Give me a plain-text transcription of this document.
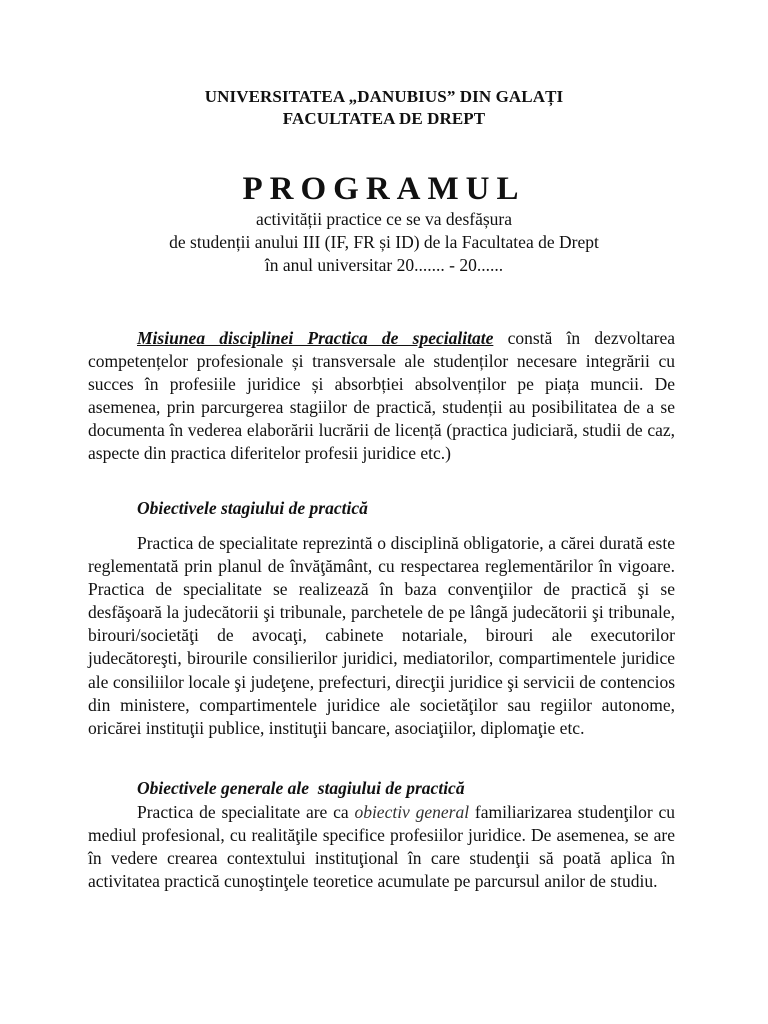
UNIVERSITATEA „DANUBIUS” DIN GALAȚI
FACULTATEA DE DREPT
PROGRAMUL
activității practice ce se va desfășura
de studenții anului III (IF, FR și ID) de la Facultatea de Drept
în anul universitar 20....... - 20......
Misiunea disciplinei Practica de specialitate constă în dezvoltarea competențelor profesionale și transversale ale studenților necesare integrării cu succes în profesiile juridice și absorbției absolvenților pe piața muncii. De asemenea, prin parcurgerea stagiilor de practică, studenții au posibilitatea de a se documenta în vederea elaborării lucrării de licență (practica judiciară, studii de caz, aspecte din practica diferitelor profesii juridice etc.)
Obiectivele stagiului de practică
Practica de specialitate reprezintă o disciplină obligatorie, a cărei durată este reglementată prin planul de învăţământ, cu respectarea reglementărilor în vigoare. Practica de specialitate se realizează în baza convenţiilor de practică şi se desfăşoară la judecătorii şi tribunale, parchetele de pe lângă judecătorii şi tribunale, birouri/societăţi de avocaţi, cabinete notariale, birouri ale executorilor judecătoreşti, birourile consilierilor juridici, mediatorilor, compartimentele juridice ale consiliilor locale şi judeţene, prefecturi, direcţii juridice şi servicii de contencios din ministere, compartimentele juridice ale societăţilor sau regiilor autonome, oricărei instituţii publice, instituţii bancare, asociaţiilor, diplomaţie etc.
Obiectivele generale ale  stagiului de practică
Practica de specialitate are ca obiectiv general familiarizarea studenţilor cu mediul profesional, cu realităţile specifice profesiilor juridice. De asemenea, se are în vedere crearea contextului instituţional în care studenţii să poată aplica în activitatea practică cunoştinţele teoretice acumulate pe parcursul anilor de studiu.
